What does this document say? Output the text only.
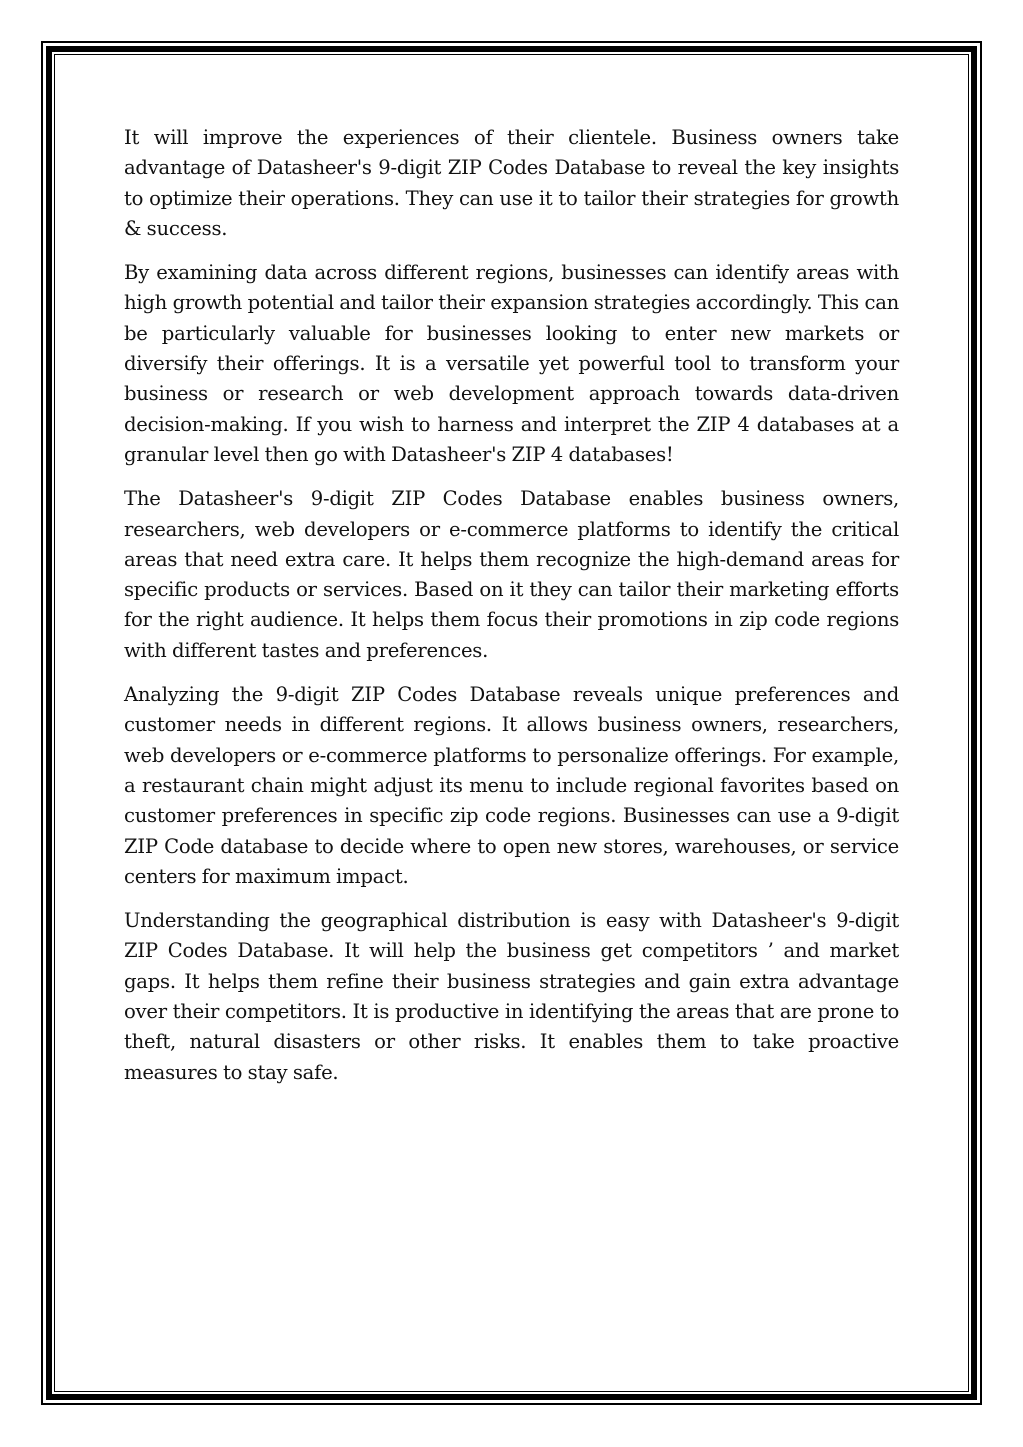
It will improve the experiences of their clientele. Business owners take advantage of Datasheer's 9-digit ZIP Codes Database to reveal the key insights to optimize their operations. They can use it to tailor their strategies for growth & success.

By examining data across different regions, businesses can identify areas with high growth potential and tailor their expansion strategies accordingly. This can be particularly valuable for businesses looking to enter new markets or diversify their offerings. It is a versatile yet powerful tool to transform your business or research or web development approach towards data-driven decision-making. If you wish to harness and interpret the ZIP 4 databases at a granular level then go with Datasheer's ZIP 4 databases!

The Datasheer's 9-digit ZIP Codes Database enables business owners, researchers, web developers or e-commerce platforms to identify the critical areas that need extra care. It helps them recognize the high-demand areas for specific products or services. Based on it they can tailor their marketing efforts for the right audience. It helps them focus their promotions in zip code regions with different tastes and preferences.

Analyzing the 9-digit ZIP Codes Database reveals unique preferences and customer needs in different regions. It allows business owners, researchers, web developers or e-commerce platforms to personalize offerings. For example, a restaurant chain might adjust its menu to include regional favorites based on customer preferences in specific zip code regions. Businesses can use a 9-digit ZIP Code database to decide where to open new stores, warehouses, or service centers for maximum impact.

Understanding the geographical distribution is easy with Datasheer's 9-digit ZIP Codes Database. It will help the business get competitors ’ and market gaps. It helps them refine their business strategies and gain extra advantage over their competitors. It is productive in identifying the areas that are prone to theft, natural disasters or other risks. It enables them to take proactive measures to stay safe.
